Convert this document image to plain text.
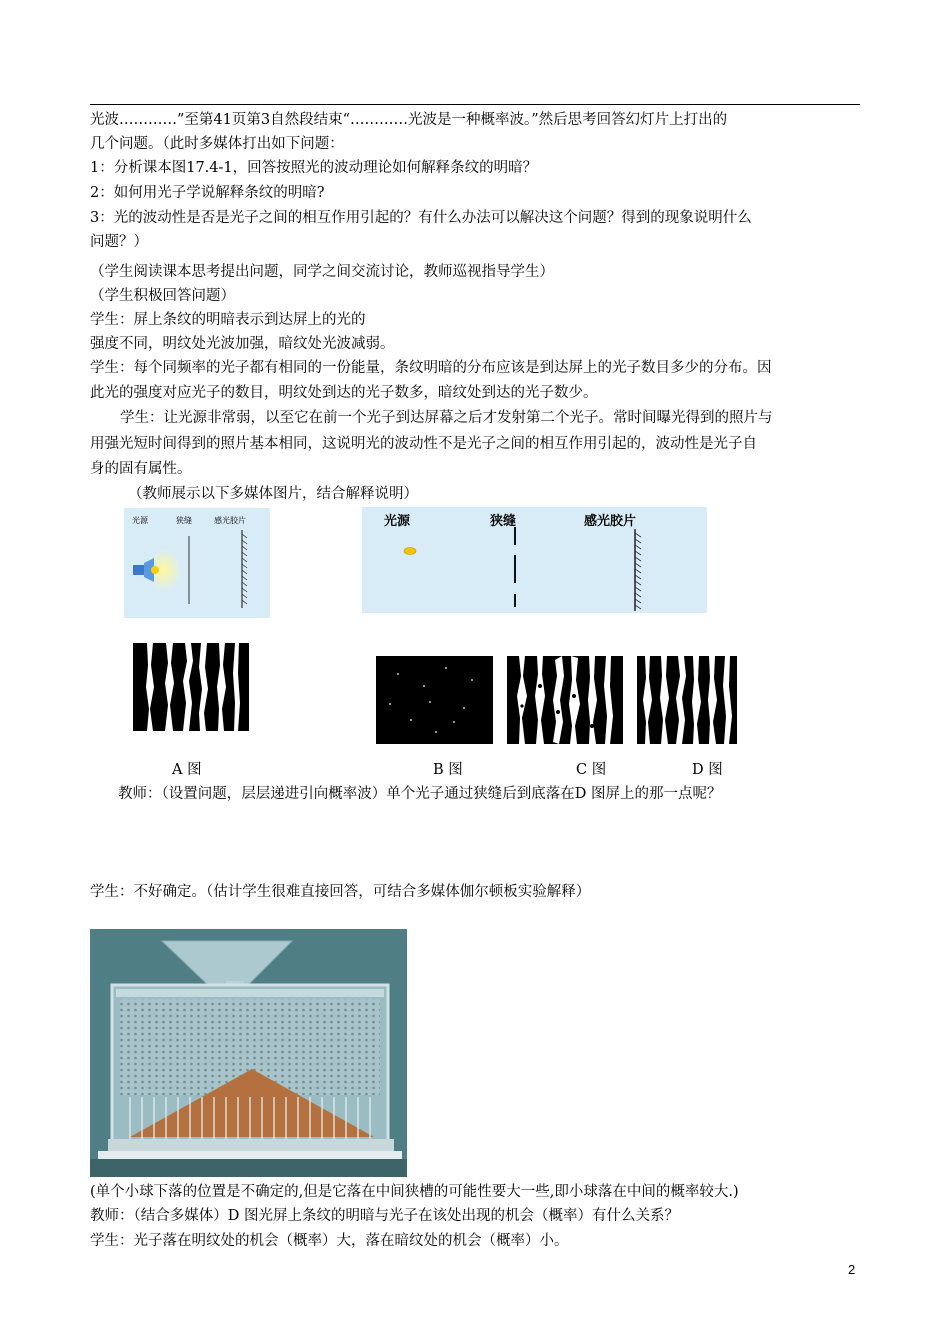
光波…………”至第41页第3自然段结束“…………光波是一种概率波。”然后思考回答幻灯片上打出的
几个问题。（此时多媒体打出如下问题：
1：分析课本图17.4-1，回答按照光的波动理论如何解释条纹的明暗？
2：如何用光子学说解释条纹的明暗?
3：光的波动性是否是光子之间的相互作用引起的？有什么办法可以解决这个问题？得到的现象说明什么
问题？）
（学生阅读课本思考提出问题，同学之间交流讨论，教师巡视指导学生）
（学生积极回答问题）
学生：屏上条纹的明暗表示到达屏上的光的
强度不同，明纹处光波加强，暗纹处光波减弱。
学生：每个同频率的光子都有相同的一份能量，条纹明暗的分布应该是到达屏上的光子数目多少的分布。因
此光的强度对应光子的数目，明纹处到达的光子数多，暗纹处到达的光子数少。
学生：让光源非常弱，以至它在前一个光子到达屏幕之后才发射第二个光子。常时间曝光得到的照片与
用强光短时间得到的照片基本相同，这说明光的波动性不是光子之间的相互作用引起的，波动性是光子自
身的固有属性。
（教师展示以下多媒体图片，结合解释说明）
光源	狭缝	感光胶片	光源	狭缝	感光胶片
A 图	B 图	C 图	D 图
教师：（设置问题，层层递进引向概率波）单个光子通过狭缝后到底落在D 图屏上的那一点呢？
学生：不好确定。（估计学生很难直接回答，可结合多媒体伽尔顿板实验解释）
(单个小球下落的位置是不确定的,但是它落在中间狭槽的可能性要大一些,即小球落在中间的概率较大.)
教师：（结合多媒体）D 图光屏上条纹的明暗与光子在该处出现的机会（概率）有什么关系？
学生：光子落在明纹处的机会（概率）大，落在暗纹处的机会（概率）小。
2
